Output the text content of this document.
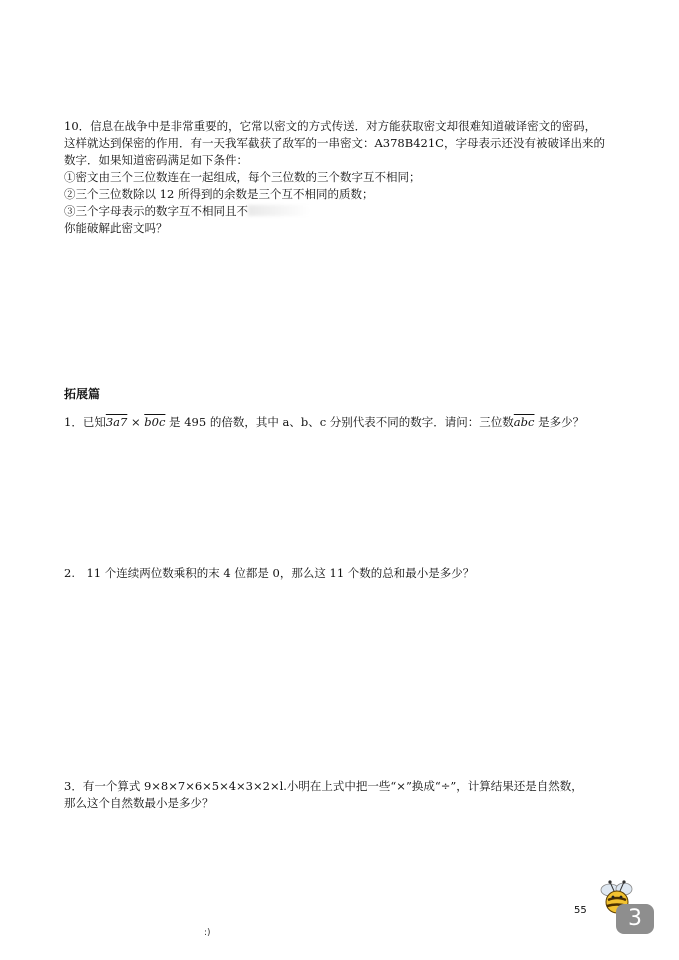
10．信息在战争中是非常重要的，它常以密文的方式传送．对方能获取密文却很难知道破译密文的密码，
这样就达到保密的作用．有一天我军截获了敌军的一串密文：A378B421C，字母表示还没有被破译出来的
数字．如果知道密码满足如下条件：
①密文由三个三位数连在一起组成，每个三位数的三个数字互不相同；
②三个三位数除以 12 所得到的余数是三个互不相同的质数；
③三个字母表示的数字互不相同且不
你能破解此密文吗？
拓展篇
1．已知3a7 × b0c 是 495 的倍数，其中 a、b、c 分别代表不同的数字．请问：三位数$\overline{abc}$ 是多少？
2.　11 个连续两位数乘积的末 4 位都是 0，那么这 11 个数的总和最小是多少？
3．有一个算式 9×8×7×6×5×4×3×2×l.小明在上式中把一些“×”换成“÷”，计算结果还是自然数，
那么这个自然数最小是多少？
55
:)
3
